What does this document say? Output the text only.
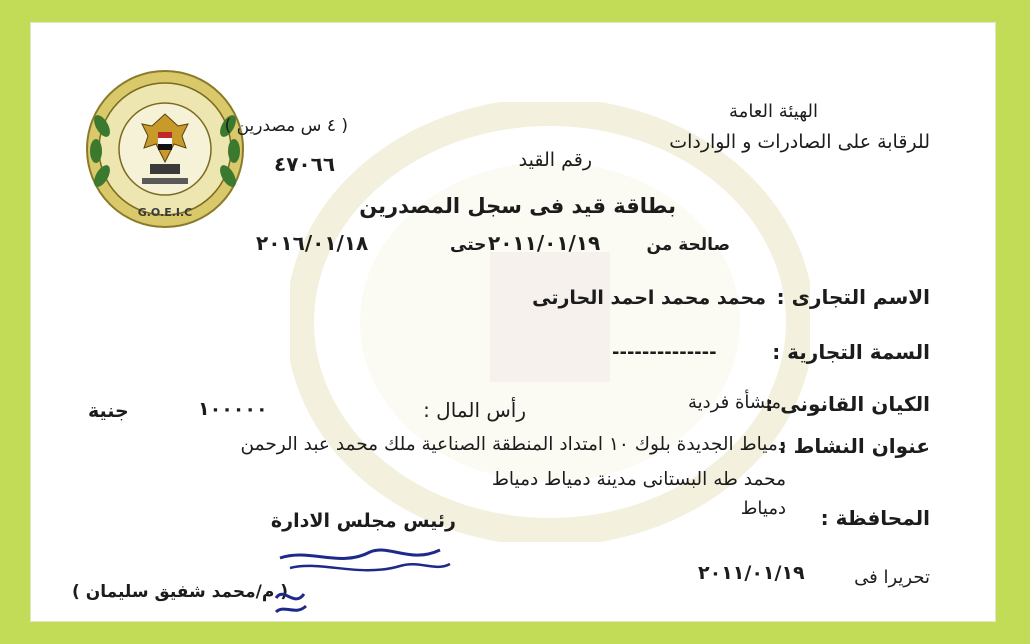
G.O.E.I.C
الهيئة العامة
للرقابة على الصادرات و الواردات
( ٤ س مصدرين )
رقم القيد
٤٧٠٦٦
بطاقة قيد فى سجل المصدرين
صالحة من
٢٠١١/٠١/١٩
حتى
٢٠١٦/٠١/١٨
الاسم التجارى :
محمد محمد احمد الحارتى
السمة التجارية :
--------------
الكيان القانونى :
منشأة فردية
رأس المال :
١٠٠٠٠٠
جنية
عنوان النشاط :
دمياط الجديدة بلوك ١٠ امتداد المنطقة الصناعية ملك محمد عبد الرحمن
محمد طه البستانى مدينة دمياط دمياط
المحافظة :
دمياط
تحريرا فى
٢٠١١/٠١/١٩
رئيس مجلس الادارة
( م/محمد شفيق سليمان )
